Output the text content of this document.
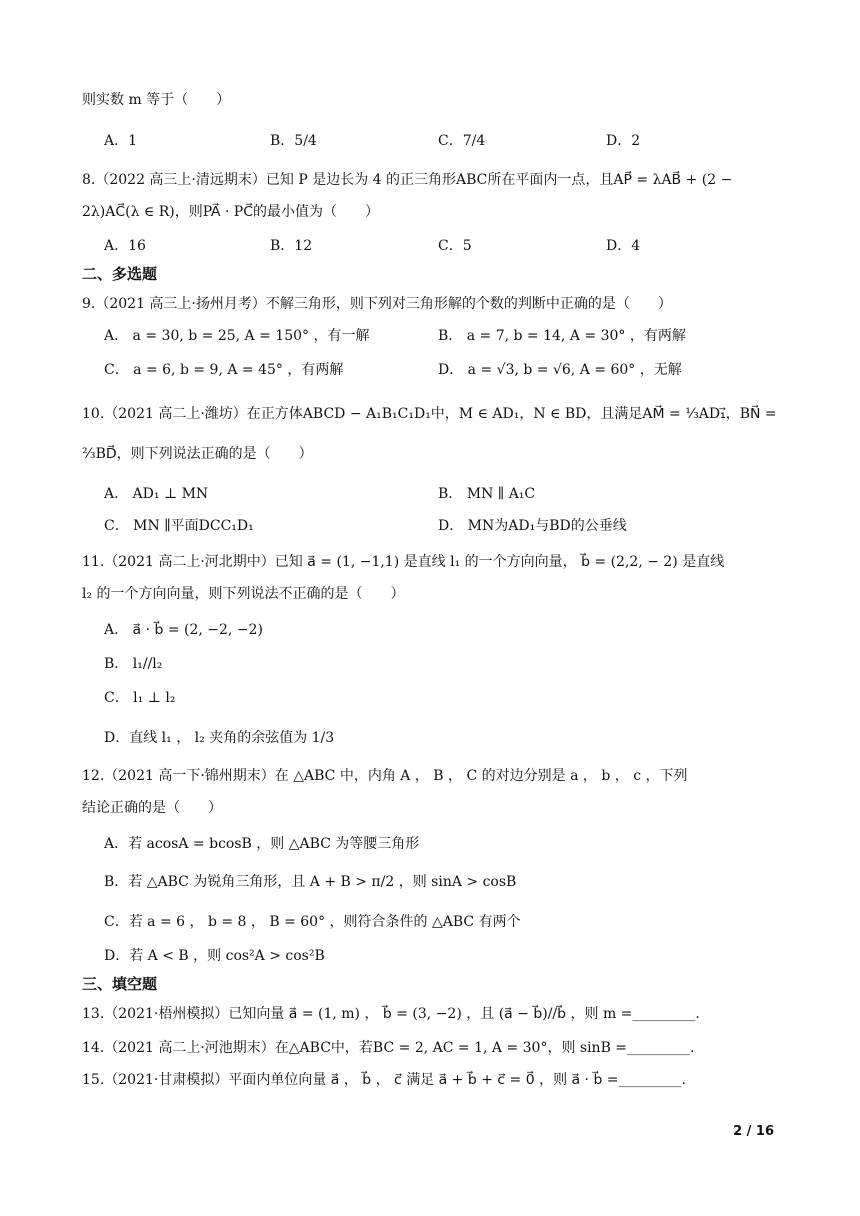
则实数 m 等于（　　）
A．1	B．5/4	C．7/4	D．2
8.（2022 高三上·清远期末）已知 P 是边长为 4 的正三角形ABC所在平面内一点，且AP⃗ = λAB⃗ + (2 −
2λ)AC⃗(λ ∈ R)，则PA⃗ · PC⃗的最小值为（　　）
A．16	B．12	C．5	D．4
二、多选题
9.（2021 高三上·扬州月考）不解三角形，则下列对三角形解的个数的判断中正确的是（　　）
A． a = 30, b = 25, A = 150° ，有一解	B． a = 7, b = 14, A = 30° ，有两解
C． a = 6, b = 9, A = 45° ，有两解	D． a = √3, b = √6, A = 60° ，无解
10.（2021 高二上·潍坊）在正方体ABCD − A₁B₁C₁D₁中，M ∈ AD₁，N ∈ BD，且满足AM⃗ = ⅓AD₁⃗，BN⃗ =
⅔BD⃗，则下列说法正确的是（　　）
A． AD₁ ⊥ MN	B． MN ∥ A₁C
C． MN ∥平面DCC₁D₁	D． MN为AD₁与BD的公垂线
11.（2021 高二上·河北期中）已知 a⃗ = (1, −1,1) 是直线 l₁ 的一个方向向量， b⃗ = (2,2, − 2) 是直线
l₂ 的一个方向向量，则下列说法不正确的是（　　）
A． a⃗ · b⃗ = (2, −2, −2)
B． l₁//l₂
C． l₁ ⊥ l₂
D．直线 l₁ ， l₂ 夹角的余弦值为 1/3
12.（2021 高一下·锦州期末）在 △ABC 中，内角 A ， B ， C 的对边分别是 a ， b ， c ，下列
结论正确的是（　　）
A．若 acosA = bcosB ，则 △ABC 为等腰三角形
B．若 △ABC 为锐角三角形，且 A + B > π/2 ，则 sinA > cosB
C．若 a = 6 ， b = 8 ， B = 60° ，则符合条件的 △ABC 有两个
D．若 A < B ，则 cos²A > cos²B
三、填空题
13.（2021·梧州模拟）已知向量 a⃗ = (1, m) ， b⃗ = (3, −2) ，且 (a⃗ − b⃗)//b⃗ ，则 m =_________.
14.（2021 高二上·河池期末）在△ABC中，若BC = 2, AC = 1, A = 30°，则 sinB =_________.
15.（2021·甘肃模拟）平面内单位向量 a⃗ ， b⃗ ， c⃗ 满足 a⃗ + b⃗ + c⃗ = 0⃗ ，则 a⃗ · b⃗ =_________.
2 / 16
